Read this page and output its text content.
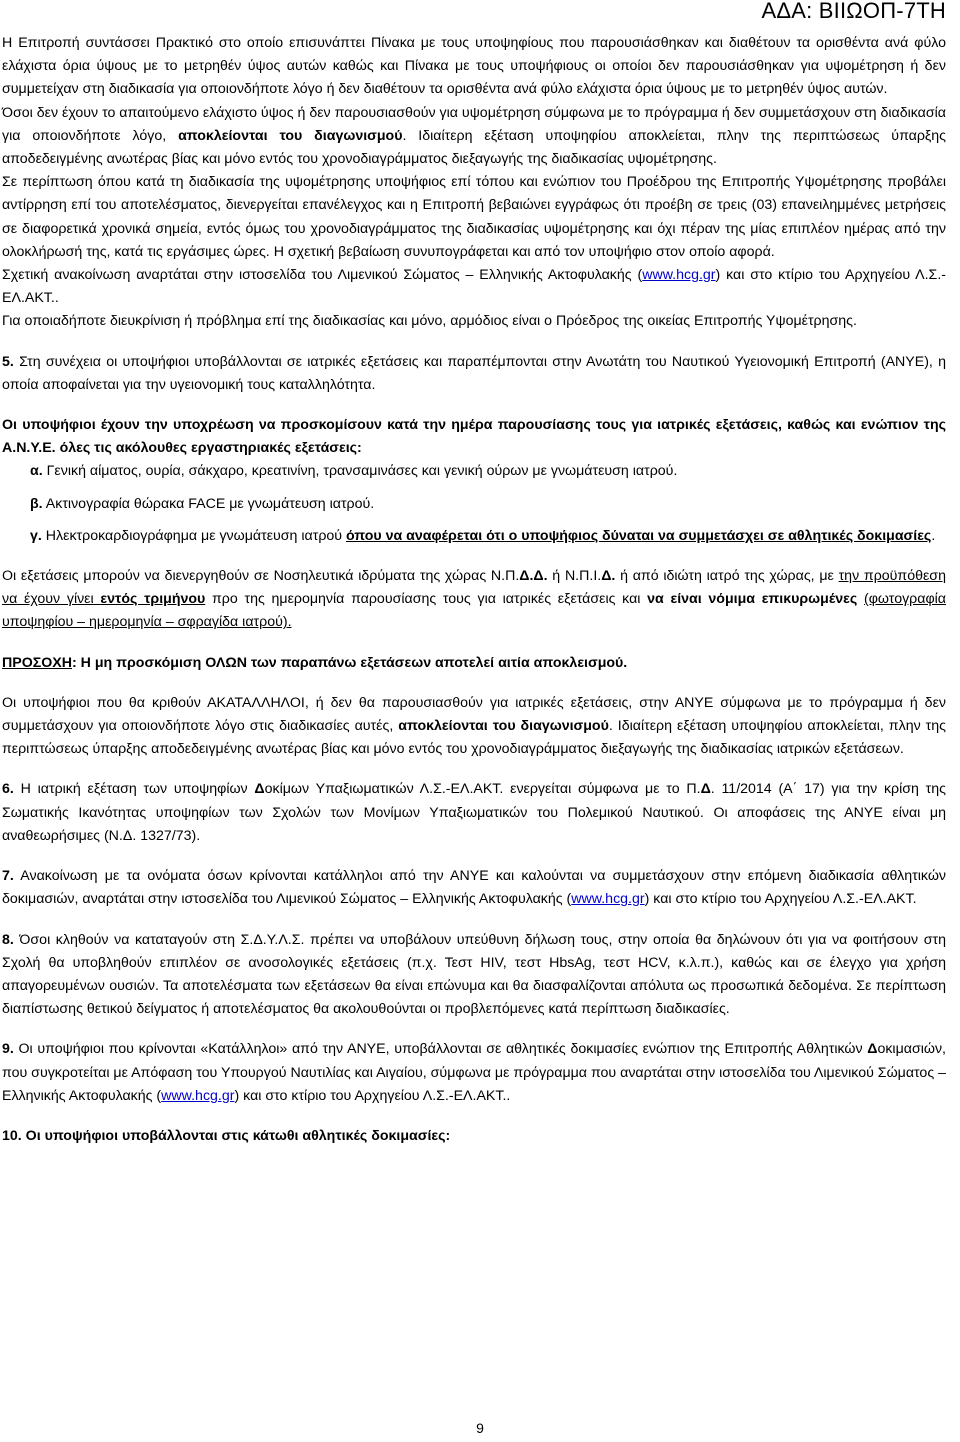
ΑΔΑ: ΒΙΙΩΟΠ-7ΤΗ

Η Επιτροπή συντάσσει Πρακτικό στο οποίο επισυνάπτει Πίνακα με τους υποψηφίους που παρουσιάσθηκαν και διαθέτουν τα ορισθέντα ανά φύλο ελάχιστα όρια ύψους με το μετρηθέν ύψος αυτών καθώς και Πίνακα με τους υποψήφιους οι οποίοι δεν παρουσιάσθηκαν για υψομέτρηση ή δεν συμμετείχαν στη διαδικασία για οποιονδήποτε λόγο ή δεν διαθέτουν τα ορισθέντα ανά φύλο ελάχιστα όρια ύψους με το μετρηθέν ύψος αυτών.

Όσοι δεν έχουν το απαιτούμενο ελάχιστο ύψος ή δεν παρουσιασθούν για υψομέτρηση σύμφωνα με το πρόγραμμα ή δεν συμμετάσχουν στη διαδικασία για οποιονδήποτε λόγο, αποκλείονται του διαγωνισμού. Ιδιαίτερη εξέταση υποψηφίου αποκλείεται, πλην της περιπτώσεως ύπαρξης αποδεδειγμένης ανωτέρας βίας και μόνο εντός του χρονοδιαγράμματος διεξαγωγής της διαδικασίας υψομέτρησης.

Σε περίπτωση όπου κατά τη διαδικασία της υψομέτρησης υποψήφιος επί τόπου και ενώπιον του Προέδρου της Επιτροπής Υψομέτρησης προβάλει αντίρρηση επί του αποτελέσματος, διενεργείται επανέλεγχος και η Επιτροπή βεβαιώνει εγγράφως ότι προέβη σε τρεις (03) επανειλημμένες μετρήσεις σε διαφορετικά χρονικά σημεία, εντός όμως του χρονοδιαγράμματος της διαδικασίας υψομέτρησης και όχι πέραν της μίας επιπλέον ημέρας από την ολοκλήρωσή της, κατά τις εργάσιμες ώρες. Η σχετική βεβαίωση συνυπογράφεται και από τον υποψήφιο στον οποίο αφορά.

Σχετική ανακοίνωση αναρτάται στην ιστοσελίδα του Λιμενικού Σώματος – Ελληνικής Ακτοφυλακής (www.hcg.gr) και στο κτίριο του Αρχηγείου Λ.Σ.-ΕΛ.ΑΚΤ..

Για οποιαδήποτε διευκρίνιση ή πρόβλημα επί της διαδικασίας και μόνο, αρμόδιος είναι ο Πρόεδρος της οικείας Επιτροπής Υψομέτρησης.

5. Στη συνέχεια οι υποψήφιοι υποβάλλονται σε ιατρικές εξετάσεις και παραπέμπονται στην Ανωτάτη του Ναυτικού Υγειονομική Επιτροπή (ΑΝΥΕ), η οποία αποφαίνεται για την υγειονομική τους καταλληλότητα.

Οι υποψήφιοι έχουν την υποχρέωση να προσκομίσουν κατά την ημέρα παρουσίασης τους για ιατρικές εξετάσεις, καθώς και ενώπιον της Α.Ν.Υ.Ε. όλες τις ακόλουθες εργαστηριακές εξετάσεις:

α. Γενική αίματος, ουρία, σάκχαρο, κρεατινίνη, τρανσαμινάσες και γενική ούρων με γνωμάτευση ιατρού.

β. Ακτινογραφία θώρακα FACE με γνωμάτευση ιατρού.

γ. Ηλεκτροκαρδιογράφημα με γνωμάτευση ιατρού όπου να αναφέρεται ότι ο υποψήφιος δύναται να συμμετάσχει σε αθλητικές δοκιμασίες.

Οι εξετάσεις μπορούν να διενεργηθούν σε Νοσηλευτικά ιδρύματα της χώρας Ν.Π.Δ.Δ. ή Ν.Π.Ι.Δ. ή από ιδιώτη ιατρό της χώρας, με την προϋπόθεση να έχουν γίνει εντός τριμήνου προ της ημερομηνία παρουσίασης τους για ιατρικές εξετάσεις και να είναι νόμιμα επικυρωμένες (φωτογραφία υποψηφίου – ημερομηνία – σφραγίδα ιατρού).

ΠΡΟΣΟΧΗ: Η μη προσκόμιση ΟΛΩΝ των παραπάνω εξετάσεων αποτελεί αιτία αποκλεισμού.

Οι υποψήφιοι που θα κριθούν ΑΚΑΤΑΛΛΗΛΟΙ, ή δεν θα παρουσιασθούν για ιατρικές εξετάσεις, στην ΑΝΥΕ σύμφωνα με το πρόγραμμα ή δεν συμμετάσχουν για οποιονδήποτε λόγο στις διαδικασίες αυτές, αποκλείονται του διαγωνισμού. Ιδιαίτερη εξέταση υποψηφίου αποκλείεται, πλην της περιπτώσεως ύπαρξης αποδεδειγμένης ανωτέρας βίας και μόνο εντός του χρονοδιαγράμματος διεξαγωγής της διαδικασίας ιατρικών εξετάσεων.

6. Η ιατρική εξέταση των υποψηφίων Δοκίμων Υπαξιωματικών Λ.Σ.-ΕΛ.ΑΚΤ. ενεργείται σύμφωνα με το Π.Δ. 11/2014 (Α΄ 17) για την κρίση της Σωματικής Ικανότητας υποψηφίων των Σχολών των Μονίμων Υπαξιωματικών του Πολεμικού Ναυτικού. Οι αποφάσεις της ΑΝΥΕ είναι μη αναθεωρήσιμες (Ν.Δ. 1327/73).

7. Ανακοίνωση με τα ονόματα όσων κρίνονται κατάλληλοι από την ΑΝΥΕ και καλούνται να συμμετάσχουν στην επόμενη διαδικασία αθλητικών δοκιμασιών, αναρτάται στην ιστοσελίδα του Λιμενικού Σώματος – Ελληνικής Ακτοφυλακής (www.hcg.gr) και στο κτίριο του Αρχηγείου Λ.Σ.-ΕΛ.ΑΚΤ.

8. Όσοι κληθούν να καταταγούν στη Σ.Δ.Υ.Λ.Σ. πρέπει να υποβάλουν υπεύθυνη δήλωση τους, στην οποία θα δηλώνουν ότι για να φοιτήσουν στη Σχολή θα υποβληθούν επιπλέον σε ανοσολογικές εξετάσεις (π.χ. Τεστ HIV, τεστ HbsAg, τεστ HCV, κ.λ.π.), καθώς και σε έλεγχο για χρήση απαγορευμένων ουσιών. Τα αποτελέσματα των εξετάσεων θα είναι επώνυμα και θα διασφαλίζονται απόλυτα ως προσωπικά δεδομένα. Σε περίπτωση διαπίστωσης θετικού δείγματος ή αποτελέσματος θα ακολουθούνται οι προβλεπόμενες κατά περίπτωση διαδικασίες.

9. Οι υποψήφιοι που κρίνονται «Κατάλληλοι» από την ΑΝΥΕ, υποβάλλονται σε αθλητικές δοκιμασίες ενώπιον της Επιτροπής Αθλητικών Δοκιμασιών, που συγκροτείται με Απόφαση του Υπουργού Ναυτιλίας και Αιγαίου, σύμφωνα με πρόγραμμα που αναρτάται στην ιστοσελίδα του Λιμενικού Σώματος – Ελληνικής Ακτοφυλακής (www.hcg.gr) και στο κτίριο του Αρχηγείου Λ.Σ.-ΕΛ.ΑΚΤ..

10. Οι υποψήφιοι υποβάλλονται στις κάτωθι αθλητικές δοκιμασίες:

9
